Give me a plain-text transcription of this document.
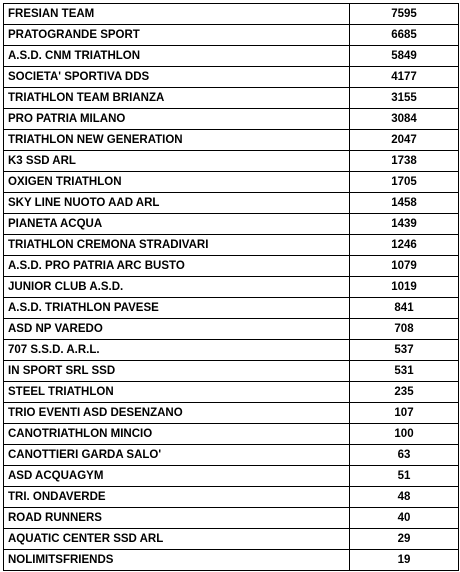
FRESIAN TEAM	7595
PRATOGRANDE SPORT	6685
A.S.D. CNM TRIATHLON	5849
SOCIETA' SPORTIVA DDS	4177
TRIATHLON TEAM BRIANZA	3155
PRO PATRIA MILANO	3084
TRIATHLON NEW GENERATION	2047
K3 SSD ARL	1738
OXIGEN TRIATHLON	1705
SKY LINE NUOTO AAD ARL	1458
PIANETA ACQUA	1439
TRIATHLON CREMONA STRADIVARI	1246
A.S.D. PRO PATRIA ARC BUSTO	1079
JUNIOR CLUB A.S.D.	1019
A.S.D. TRIATHLON PAVESE	841
ASD NP VAREDO	708
707 S.S.D. A.R.L.	537
IN SPORT SRL SSD	531
STEEL TRIATHLON	235
TRIO EVENTI ASD DESENZANO	107
CANOTRIATHLON MINCIO	100
CANOTTIERI GARDA SALO'	63
ASD ACQUAGYM	51
TRI. ONDAVERDE	48
ROAD RUNNERS	40
AQUATIC CENTER SSD ARL	29
NOLIMITSFRIENDS	19
